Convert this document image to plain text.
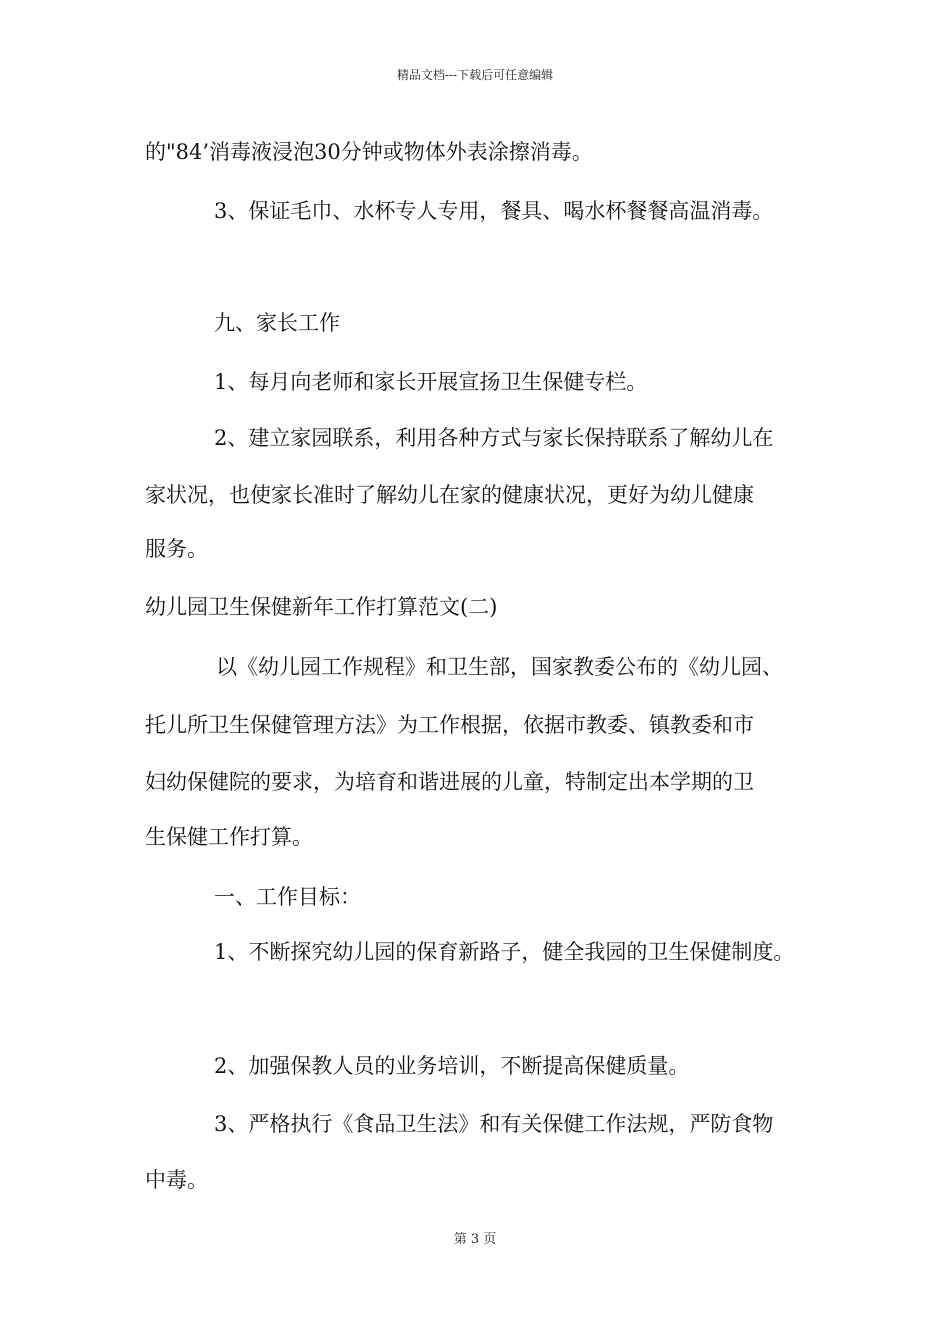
精品文档---下载后可任意编辑
的"84’消毒液浸泡30分钟或物体外表涂擦消毒。
3、保证毛巾、水杯专人专用，餐具、喝水杯餐餐高温消毒。
九、家长工作
1、每月向老师和家长开展宣扬卫生保健专栏。
2、建立家园联系，利用各种方式与家长保持联系了解幼儿在
家状况，也使家长准时了解幼儿在家的健康状况，更好为幼儿健康
服务。
幼儿园卫生保健新年工作打算范文(二)
以《幼儿园工作规程》和卫生部，国家教委公布的《幼儿园、
托儿所卫生保健管理方法》为工作根据，依据市教委、镇教委和市
妇幼保健院的要求，为培育和谐进展的儿童，特制定出本学期的卫
生保健工作打算。
一、工作目标：
1、不断探究幼儿园的保育新路子，健全我园的卫生保健制度。
2、加强保教人员的业务培训，不断提高保健质量。
3、严格执行《食品卫生法》和有关保健工作法规，严防食物
中毒。
第 3 页
